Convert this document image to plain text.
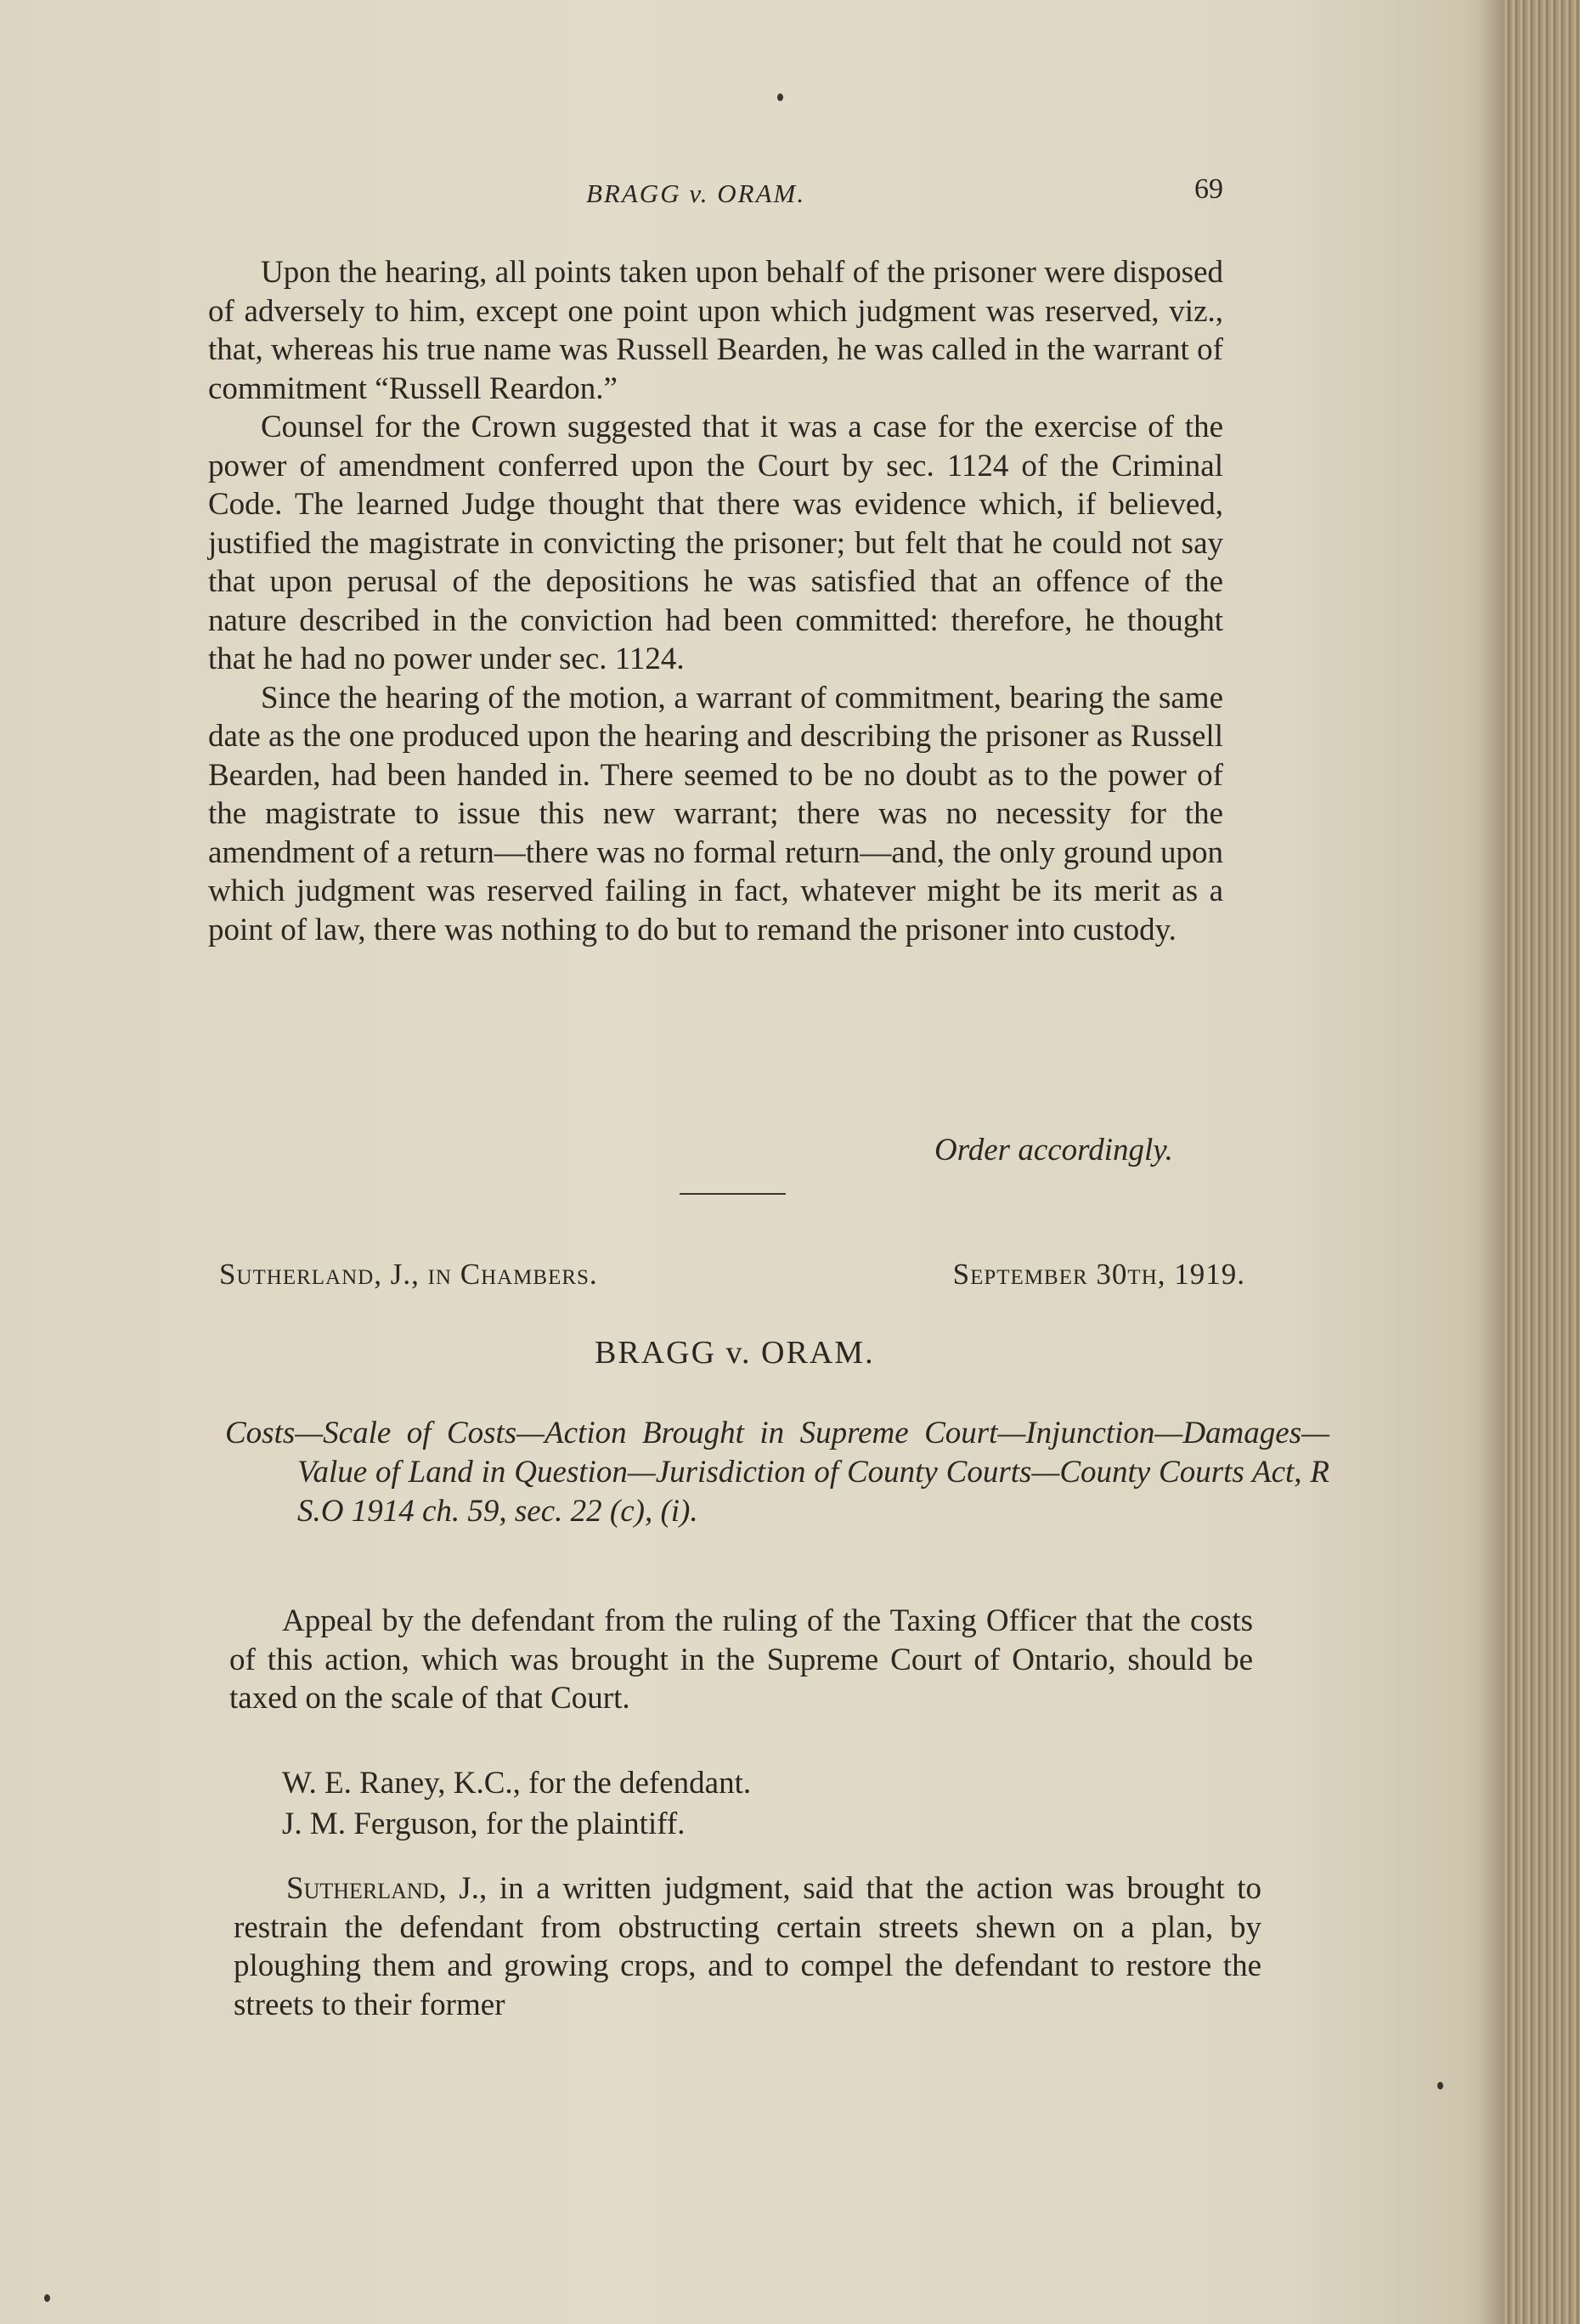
BRAGG v. ORAM.	69

Upon the hearing, all points taken upon behalf of the prisoner were disposed of adversely to him, except one point upon which judgment was reserved, viz., that, whereas his true name was Russell Bearden, he was called in the warrant of commitment “Russell Reardon.”

Counsel for the Crown suggested that it was a case for the exercise of the power of amendment conferred upon the Court by sec. 1124 of the Criminal Code. The learned Judge thought that there was evidence which, if believed, justified the magistrate in convicting the prisoner; but felt that he could not say that upon perusal of the depositions he was satisfied that an offence of the nature described in the conviction had been committed: therefore, he thought that he had no power under sec. 1124.

Since the hearing of the motion, a warrant of commitment, bearing the same date as the one produced upon the hearing and describing the prisoner as Russell Bearden, had been handed in. There seemed to be no doubt as to the power of the magistrate to issue this new warrant; there was no necessity for the amendment of a return—there was no formal return—and, the only ground upon which judgment was reserved failing in fact, whatever might be its merit as a point of law, there was nothing to do but to remand the prisoner into custody.

Order accordingly.
Sutherland, J., in Chambers.	September 30th, 1919.
BRAGG v. ORAM.
Costs—Scale of Costs—Action Brought in Supreme Court—Injunction—Damages—Value of Land in Question—Jurisdiction of County Courts—County Courts Act, R S.O 1914 ch. 59, sec. 22 (c), (i).

Appeal by the defendant from the ruling of the Taxing Officer that the costs of this action, which was brought in the Supreme Court of Ontario, should be taxed on the scale of that Court.

W. E. Raney, K.C., for the defendant.
J. M. Ferguson, for the plaintiff.

Sutherland, J., in a written judgment, said that the action was brought to restrain the defendant from obstructing certain streets shewn on a plan, by ploughing them and growing crops, and to compel the defendant to restore the streets to their former
